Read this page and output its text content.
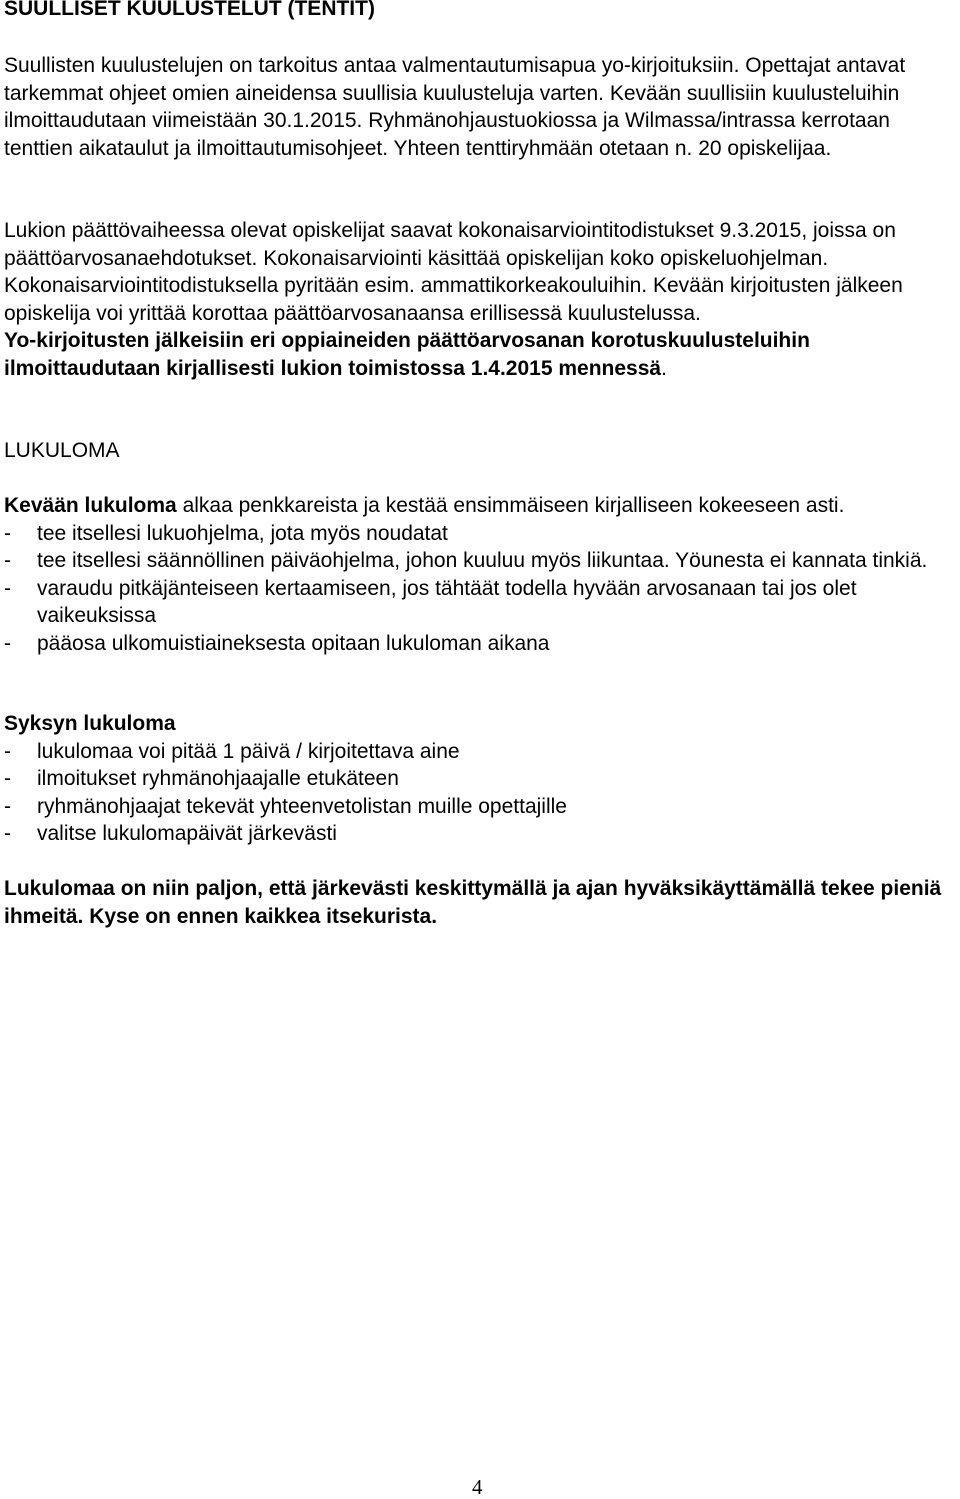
SUULLISET KUULUSTELUT (TENTIT)

Suullisten kuulustelujen on tarkoitus antaa valmentautumisapua yo-kirjoituksiin. Opettajat antavat tarkemmat ohjeet omien aineidensa suullisia kuulusteluja varten. Kevään suullisiin kuulusteluihin ilmoittaudutaan viimeistään 30.1.2015. Ryhmänohjaustuokiossa ja Wilmassa/intrassa kerrotaan tenttien aikataulut ja ilmoittautumisohjeet. Yhteen tenttiryhmään otetaan n. 20 opiskelijaa.

Lukion päättövaiheessa olevat opiskelijat saavat kokonaisarviointitodistukset 9.3.2015, joissa on päättöarvosanaehdotukset. Kokonaisarviointi käsittää opiskelijan koko opiskeluohjelman. Kokonaisarviointitodistuksella pyritään esim. ammattikorkeakouluihin. Kevään kirjoitusten jälkeen opiskelija voi yrittää korottaa päättöarvosanaansa erillisessä kuulustelussa.

Yo-kirjoitusten jälkeisiin eri oppiaineiden päättöarvosanan korotuskuulusteluihin ilmoittaudutaan kirjallisesti lukion toimistossa 1.4.2015 mennessä.

LUKULOMA

Kevään lukuloma alkaa penkkareista ja kestää ensimmäiseen kirjalliseen kokeeseen asti.

- tee itsellesi lukuohjelma, jota myös noudatat
- tee itsellesi säännöllinen päiväohjelma, johon kuuluu myös liikuntaa. Yöunesta ei kannata tinkiä.
- varaudu pitkäjänteiseen kertaamiseen, jos tähtäät todella hyvään arvosanaan tai jos olet vaikeuksissa
- pääosa ulkomuistiaineksesta opitaan lukuloman aikana

Syksyn lukuloma

- lukulomaa voi pitää 1 päivä / kirjoitettava aine
- ilmoitukset ryhmänohjaajalle etukäteen
- ryhmänohjaajat tekevät yhteenvetolistan muille opettajille
- valitse lukulomapäivät järkevästi

Lukulomaa on niin paljon, että järkevästi keskittymällä ja ajan hyväksikäyttämällä tekee pieniä ihmeitä. Kyse on ennen kaikkea itsekurista.

4
